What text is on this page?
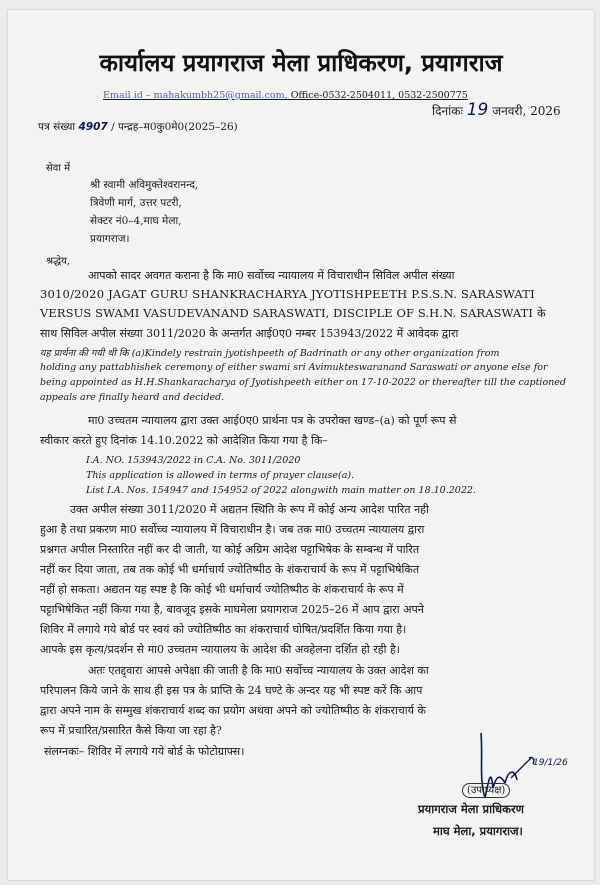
कार्यालय प्रयागराज मेला प्राधिकरण, प्रयागराज
Email id – mahakumbh25@gmail.com, Office-0532-2504011, 0532-2500775
दिनांकः 19 जनवरी, 2026
पत्र संख्या 4907 / पन्द्रह–म0कु0मे0(2025–26)
सेवा में
श्री स्वामी अविमुक्तेश्वरानन्द,
त्रिवेणी मार्ग, उत्तर पटरी,
सेक्टर नं0–4,माघ मेला,
प्रयागराज।
श्रद्धेय,
आपको सादर अवगत कराना है कि मा0 सर्वोच्च न्यायालय में विचाराधीन सिविल अपील संख्या
3010/2020 JAGAT GURU SHANKRACHARYA JYOTISHPEETH P.S.S.N. SARASWATI
VERSUS SWAMI VASUDEVANAND SARASWATI, DISCIPLE OF S.H.N. SARASWATI के
साथ सिविल अपील संख्या 3011/2020 के अन्तर्गत आई0ए0 नम्बर 153943/2022 में आवेदक द्वारा
यह प्रार्थना की गयी थी कि (a)Kindely restrain jyotishpeeth of Badrinath or any other organization from
holding any pattabhishek ceremony of either swami sri Avimukteswaranand Saraswati or anyone else for
being appointed as H.H.Shankaracharya of Jyotishpeeth either on 17-10-2022 or thereafter till the captioned
appeals are finally heard and decided.
मा0 उच्चतम न्यायालय द्वारा उक्त आई0ए0 प्रार्थना पत्र के उपरोक्त खण्ड–(a) को पूर्ण रूप से
स्वीकार करते हुए दिनांक 14.10.2022 को आदेशित किया गया है कि–
I.A. NO. 153943/2022 in C.A. No. 3011/2020
This application is allowed in terms of prayer clause(a).
List I.A. Nos. 154947 and 154952 of 2022 alongwith main matter on 18.10.2022.
उक्त अपील संख्या 3011/2020 में अद्यतन स्थिति के रूप में कोई अन्य आदेश पारित नही
हुआ है तथा प्रकरण मा0 सर्वोच्च न्यायालय में विचाराधीन है। जब तक मा0 उच्चतम न्यायालय द्वारा
प्रश्नगत अपील निस्तारित नहीं कर दी जाती, या कोई अग्रिम आदेश पट्टाभिषेक के सम्बन्ध में पारित
नहीं कर दिया जाता, तब तक कोई भी धर्माचार्य ज्योतिष्पीठ के शंकराचार्य के रूप में पट्टाभिषेकित
नहीं हो सकता। अद्यतन यह स्पष्ट है कि कोई भी धर्माचार्य ज्योतिष्पीठ के शंकराचार्य के रूप में
पट्टाभिषेकित नहीं किया गया है, बावजूद इसके माघमेला प्रयागराज 2025–26 में आप द्वारा अपने
शिविर में लगाये गये बोर्ड पर स्वयं को ज्योतिष्पीठ का शंकराचार्य घोषित/प्रदर्शित किया गया है।
आपके इस कृत्य/प्रदर्शन से मा0 उच्चतम न्यायालय के आदेश की अवहेलना दर्शित हो रही है।
अतः एतद्द्वारा आपसे अपेक्षा की जाती है कि मा0 सर्वोच्च न्यायालय के उक्त आदेश का
परिपालन किये जाने के साथ ही इस पत्र के प्राप्ति के 24 घण्टे के अन्दर यह भी स्पष्ट करें कि आप
द्वारा अपने नाम के सम्मुख शंकराचार्य शब्द का प्रयोग अथवा अपने को ज्योतिष्पीठ के शंकराचार्य के
रूप में प्रचारित/प्रसारित कैसे किया जा रहा है?
संलग्नकः– शिविर में लगाये गये बोर्ड के फोटोग्राफ्स।
19/1/26
(उपाध्यक्ष)
प्रयागराज मेला प्राधिकरण
माघ मेला, प्रयागराज।
